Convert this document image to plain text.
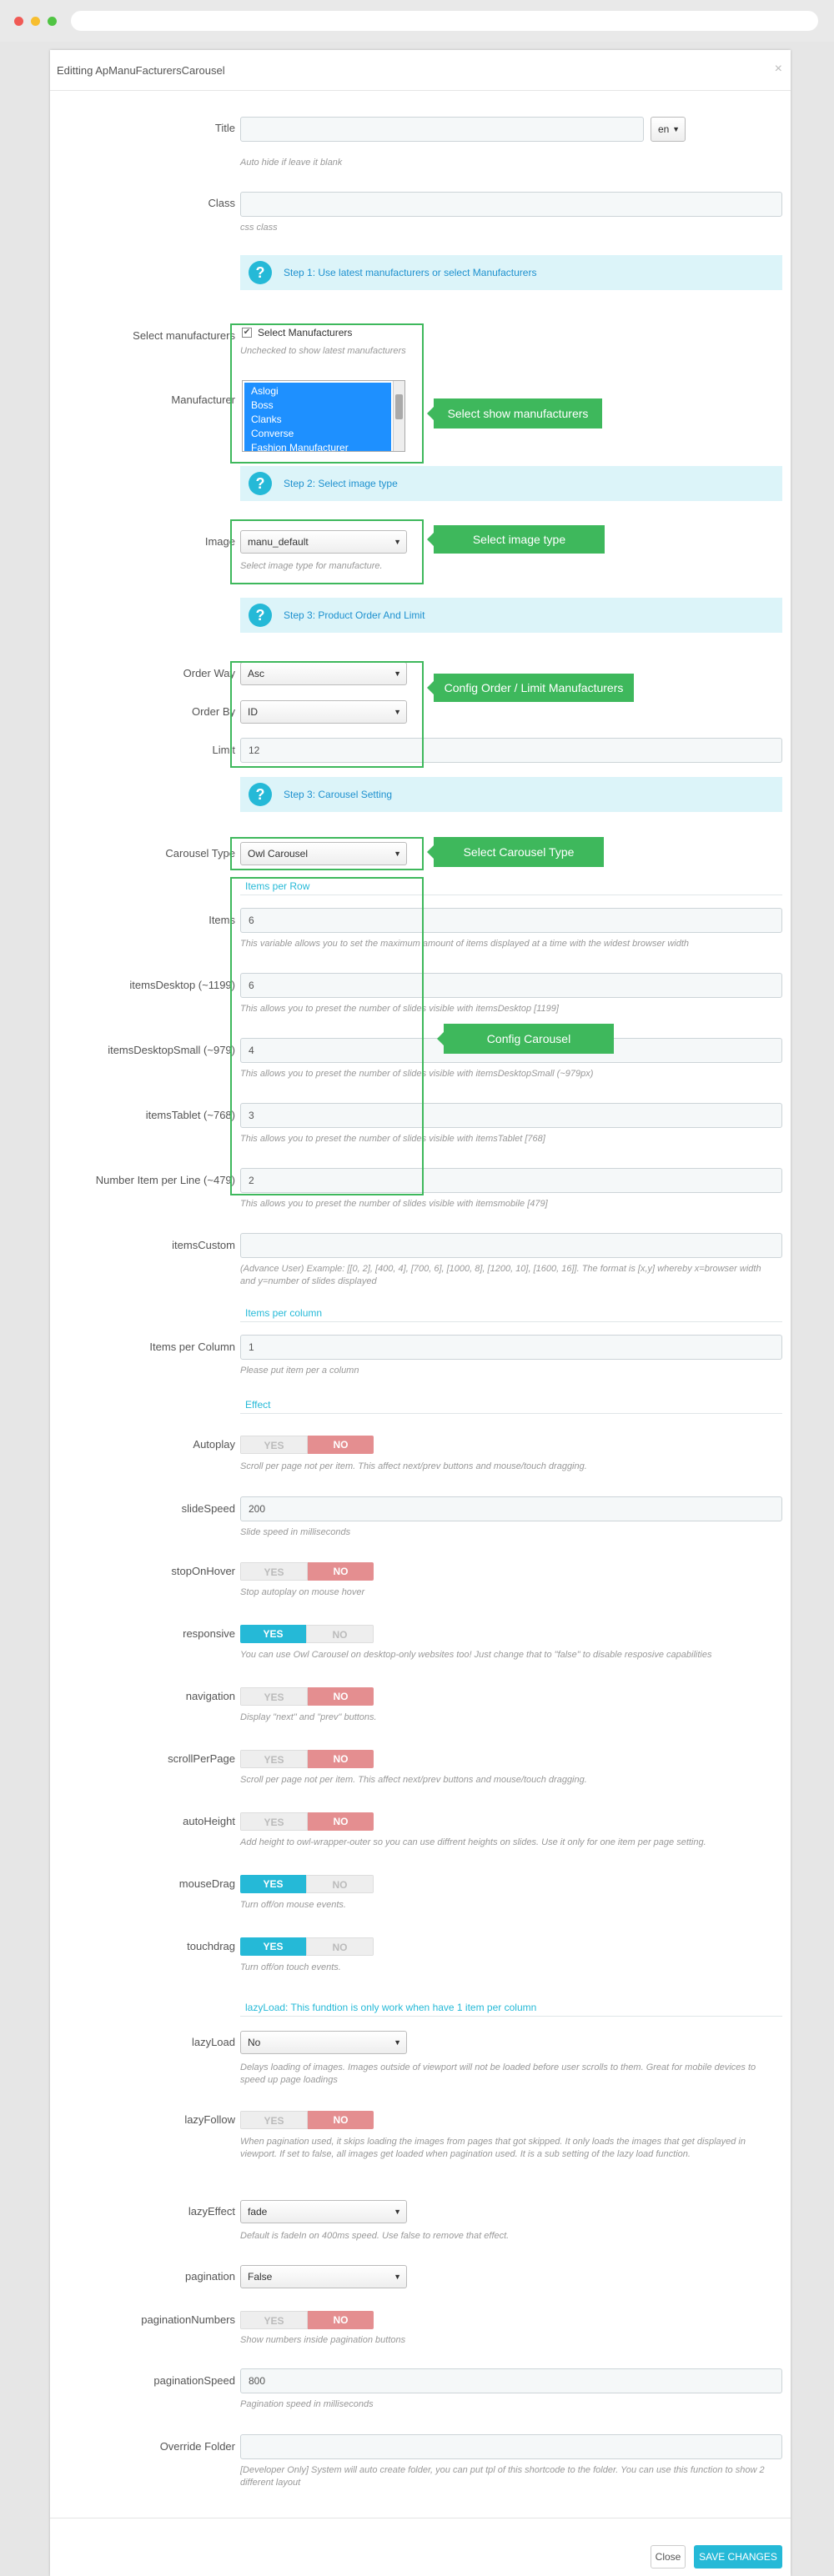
Editting ApManuFacturersCarousel	×
Title	en ▼
Auto hide if leave it blank
Class
css class
?	Step 1: Use latest manufacturers or select Manufacturers
Select manufacturers ✔ Select Manufacturers
Unchecked to show latest manufacturers
Manufacturer
Aslogi
Boss
Clanks
Converse
Fashion Manufacturer
?	Step 2: Select image type
Image	manu_default	▼
Select image type for manufacture.
?	Step 3: Product Order And Limit
Order Way	Asc	▼
Order By	ID	▼
Limit	12
?	Step 3: Carousel Setting
Carousel Type	Owl Carousel	▼
Items per Row
Items	6
This variable allows you to set the maximum amount of items displayed at a time with the widest browser width
itemsDesktop (~1199)	6
This allows you to preset the number of slides visible with itemsDesktop [1199]
itemsDesktopSmall (~979)	4
This allows you to preset the number of slides visible with itemsDesktopSmall (~979px)
itemsTablet (~768)	3
This allows you to preset the number of slides visible with itemsTablet [768]
Number Item per Line (~479)	2
This allows you to preset the number of slides visible with itemsmobile [479]
itemsCustom
(Advance User) Example: [[0, 2], [400, 4], [700, 6], [1000, 8], [1200, 10], [1600, 16]]. The format is [x,y] whereby x=browser width and y=number of slides displayed
Items per column
Items per Column	1
Please put item per a column
Effect
Autoplay	YES	NO
Scroll per page not per item. This affect next/prev buttons and mouse/touch dragging.
slideSpeed	200
Slide speed in milliseconds
stopOnHover	YES	NO
Stop autoplay on mouse hover
responsive	YES	NO
You can use Owl Carousel on desktop-only websites too! Just change that to "false" to disable resposive capabilities
navigation	YES	NO
Display "next" and "prev" buttons.
scrollPerPage	YES	NO
Scroll per page not per item. This affect next/prev buttons and mouse/touch dragging.
autoHeight	YES	NO
Add height to owl-wrapper-outer so you can use diffrent heights on slides. Use it only for one item per page setting.
mouseDrag	YES	NO
Turn off/on mouse events.
touchdrag	YES	NO
Turn off/on touch events.
lazyLoad: This fundtion is only work when have 1 item per column
lazyLoad	No	▼
Delays loading of images. Images outside of viewport will not be loaded before user scrolls to them. Great for mobile devices to speed up page loadings
lazyFollow	YES	NO
When pagination used, it skips loading the images from pages that got skipped. It only loads the images that get displayed in viewport. If set to false, all images get loaded when pagination used. It is a sub setting of the lazy load function.
lazyEffect	fade	▼
Default is fadeIn on 400ms speed. Use false to remove that effect.
pagination	False	▼
paginationNumbers	YES	NO
Show numbers inside pagination buttons
paginationSpeed	800
Pagination speed in milliseconds
Override Folder
[Developer Only] System will auto create folder, you can put tpl of this shortcode to the folder. You can use this function to show 2 different layout
Close	SAVE CHANGES
Select show manufacturers
Select image type
Config Order / Limit Manufacturers
Select Carousel Type
Config Carousel
